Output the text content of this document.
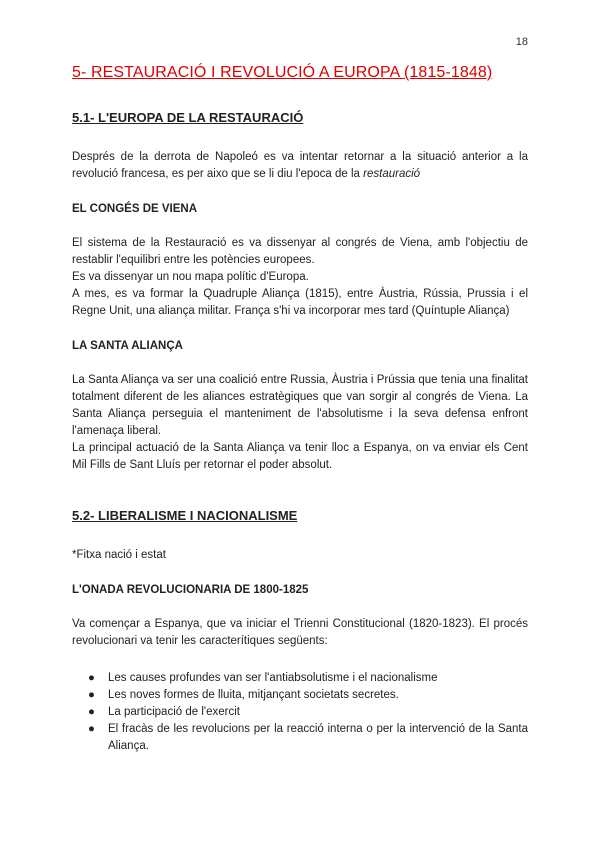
18
5- RESTAURACIÓ I REVOLUCIÓ A EUROPA (1815-1848)
5.1- L'EUROPA DE LA RESTAURACIÓ

Després de la derrota de Napoleó es va intentar retornar a la situació anterior a la revolució francesa, es per aixo que se li diu l'epoca de la restauració

EL CONGÉS DE VIENA

El sistema de la Restauració es va dissenyar al congrés de Viena, amb l'objectiu de restablir l'equilibri entre les potències europees.

Es va dissenyar un nou mapa polític d'Europa.

A mes, es va formar la Quadruple Aliança (1815), entre Àustria, Rússia, Prussia i el Regne Unit, una aliança militar. França s'hi va incorporar mes tard (Quíntuple Aliança)

LA SANTA ALIANÇA

La Santa Aliança va ser una coalició entre Russia, Àustria i Prússia que tenia una finalitat totalment diferent de les aliances estratègiques que van sorgir al congrés de Viena. La Santa Aliança perseguia el manteniment de l'absolutisme i la seva defensa enfront l'amenaça liberal.

La principal actuació de la Santa Aliança va tenir lloc a Espanya, on va enviar els Cent Mil Fills de Sant Lluís per retornar el poder absolut.

5.2- LIBERALISME I NACIONALISME

*Fitxa nació i estat

L'ONADA REVOLUCIONARIA DE 1800-1825

Va començar a Espanya, que va iniciar el Trienni Constitucional (1820-1823). El procés revolucionari va tenir les caracterítiques següents:

● Les causes profundes van ser l'antiabsolutisme i el nacionalisme
● Les noves formes de lluita, mitjançant societats secretes.
● La participació de l'exercit
● El fracàs de les revolucions per la reacció interna o per la intervenció de la Santa Aliança.
